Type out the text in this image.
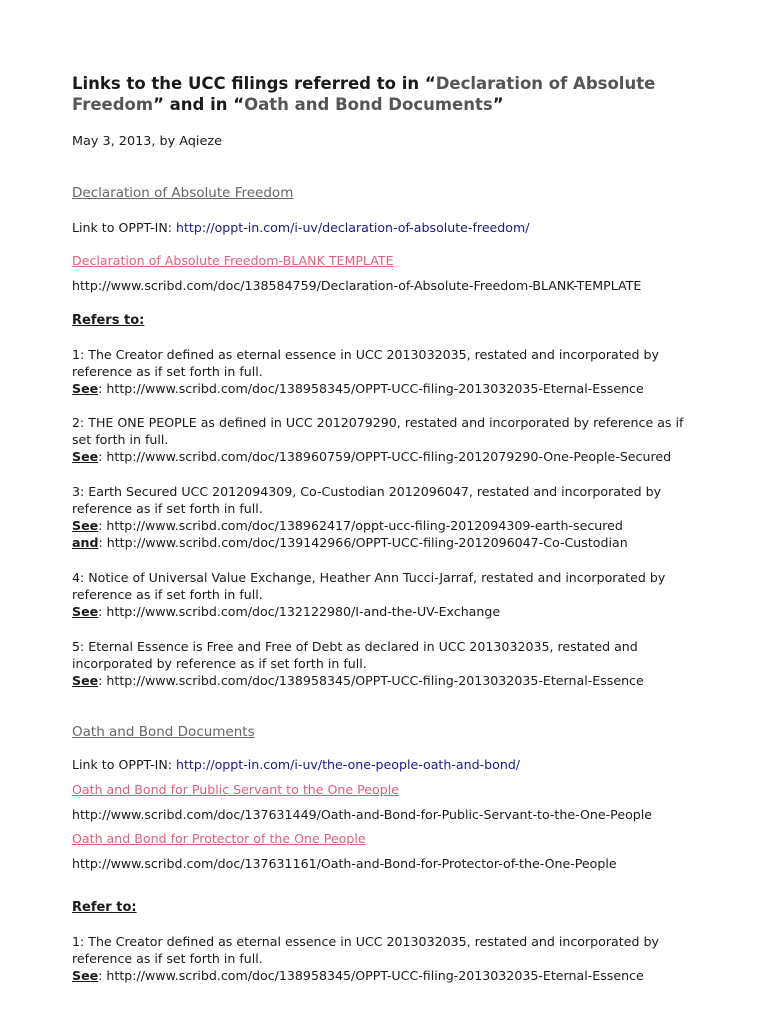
Links to the UCC filings referred to in “Declaration of Absolute Freedom” and in “Oath and Bond Documents”

May 3, 2013, by Aqieze

Declaration of Absolute Freedom

Link to OPPT-IN: http://oppt-in.com/i-uv/declaration-of-absolute-freedom/

Declaration of Absolute Freedom-BLANK TEMPLATE

http://www.scribd.com/doc/138584759/Declaration-of-Absolute-Freedom-BLANK-TEMPLATE

Refers to:

1: The Creator defined as eternal essence in UCC 2013032035, restated and incorporated by reference as if set forth in full.
See: http://www.scribd.com/doc/138958345/OPPT-UCC-filing-2013032035-Eternal-Essence
2: THE ONE PEOPLE as defined in UCC 2012079290, restated and incorporated by reference as if set forth in full.
See: http://www.scribd.com/doc/138960759/OPPT-UCC-filing-2012079290-One-People-Secured
3: Earth Secured UCC 2012094309, Co-Custodian 2012096047, restated and incorporated by reference as if set forth in full.
See: http://www.scribd.com/doc/138962417/oppt-ucc-filing-2012094309-earth-secured
and: http://www.scribd.com/doc/139142966/OPPT-UCC-filing-2012096047-Co-Custodian
4: Notice of Universal Value Exchange, Heather Ann Tucci-Jarraf, restated and incorporated by reference as if set forth in full.
See: http://www.scribd.com/doc/132122980/I-and-the-UV-Exchange
5: Eternal Essence is Free and Free of Debt as declared in UCC 2013032035, restated and incorporated by reference as if set forth in full.
See: http://www.scribd.com/doc/138958345/OPPT-UCC-filing-2013032035-Eternal-Essence

Oath and Bond Documents

Link to OPPT-IN: http://oppt-in.com/i-uv/the-one-people-oath-and-bond/

Oath and Bond for Public Servant to the One People

http://www.scribd.com/doc/137631449/Oath-and-Bond-for-Public-Servant-to-the-One-People

Oath and Bond for Protector of the One People

http://www.scribd.com/doc/137631161/Oath-and-Bond-for-Protector-of-the-One-People

Refer to:

1: The Creator defined as eternal essence in UCC 2013032035, restated and incorporated by reference as if set forth in full.
See: http://www.scribd.com/doc/138958345/OPPT-UCC-filing-2013032035-Eternal-Essence
